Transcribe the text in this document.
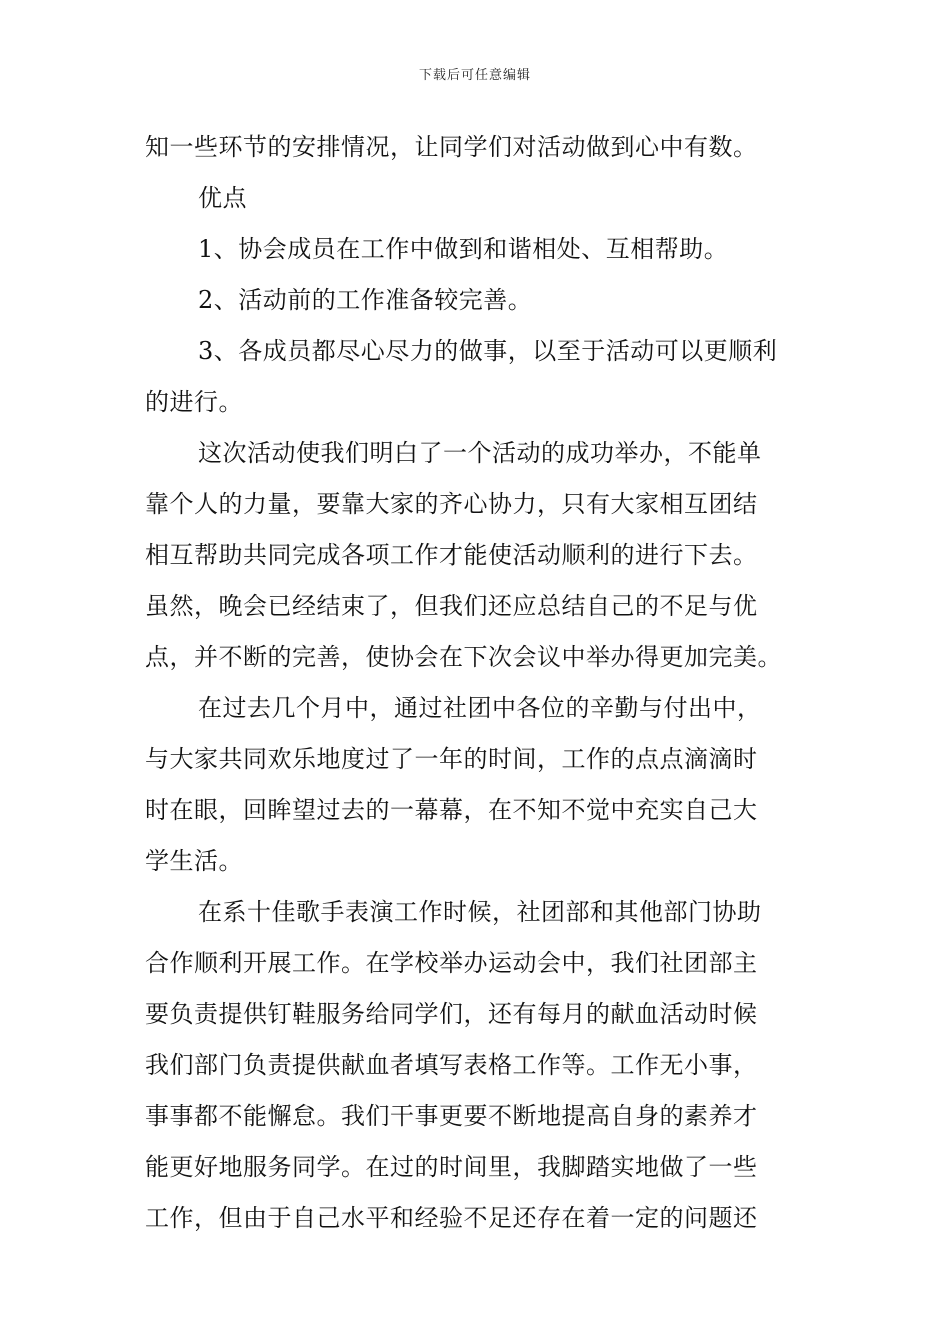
下载后可任意编辑
知一些环节的安排情况，让同学们对活动做到心中有数。
优点
1、协会成员在工作中做到和谐相处、互相帮助。
2、活动前的工作准备较完善。
3、各成员都尽心尽力的做事，以至于活动可以更顺利
的进行。
这次活动使我们明白了一个活动的成功举办，不能单
靠个人的力量，要靠大家的齐心协力，只有大家相互团结
相互帮助共同完成各项工作才能使活动顺利的进行下去。
虽然，晚会已经结束了，但我们还应总结自己的不足与优
点，并不断的完善，使协会在下次会议中举办得更加完美。
在过去几个月中，通过社团中各位的辛勤与付出中，
与大家共同欢乐地度过了一年的时间，工作的点点滴滴时
时在眼，回眸望过去的一幕幕，在不知不觉中充实自己大
学生活。
在系十佳歌手表演工作时候，社团部和其他部门协助
合作顺利开展工作。在学校举办运动会中，我们社团部主
要负责提供钉鞋服务给同学们，还有每月的献血活动时候
我们部门负责提供献血者填写表格工作等。工作无小事，
事事都不能懈怠。我们干事更要不断地提高自身的素养才
能更好地服务同学。在过的时间里，我脚踏实地做了一些
工作，但由于自己水平和经验不足还存在着一定的问题还
